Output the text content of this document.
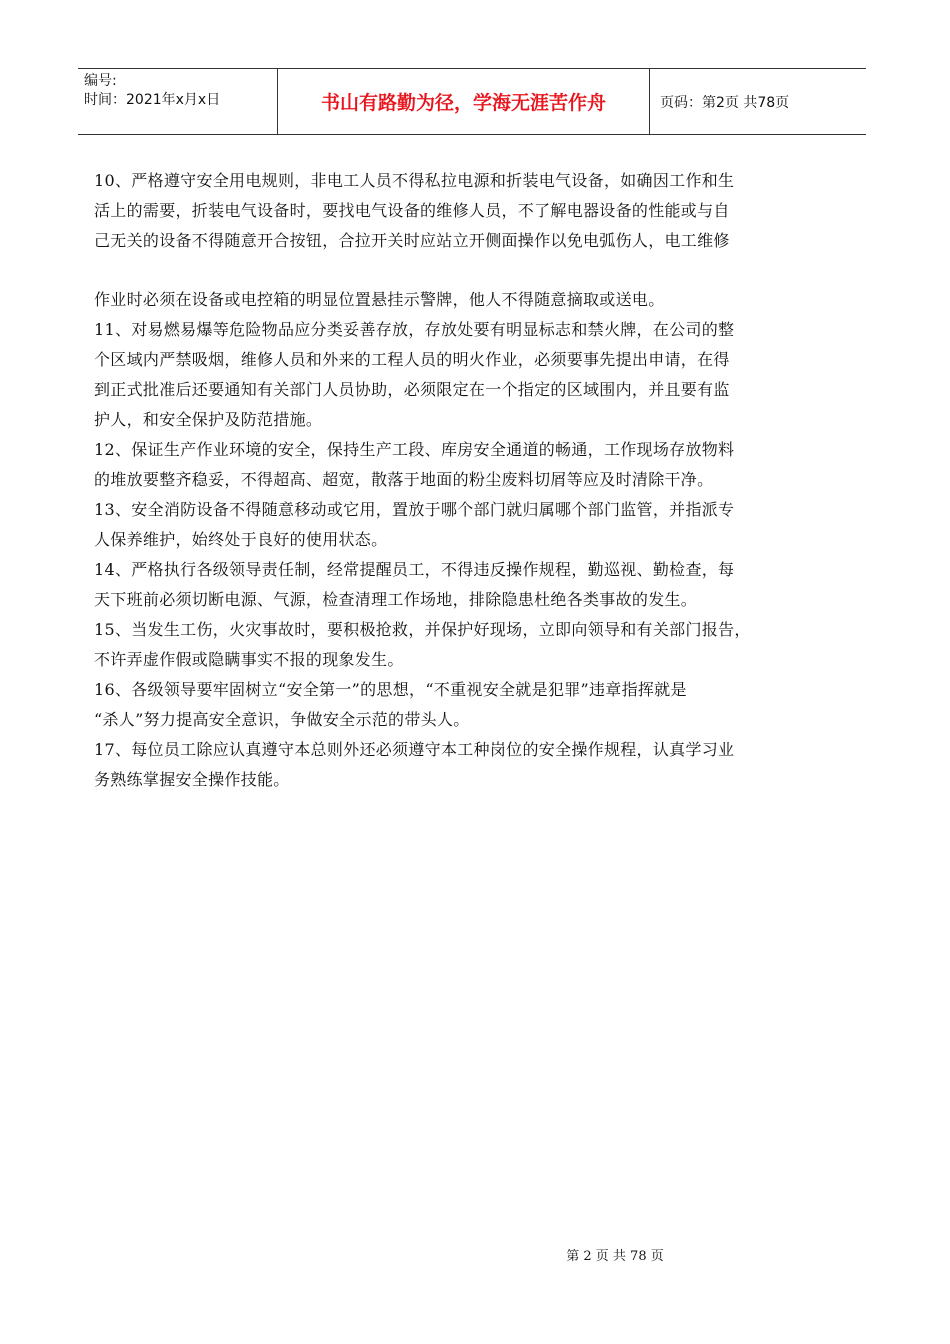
编号:
时间：2021年x月x日	书山有路勤为径，学海无涯苦作舟	页码：第2页 共78页
10、严格遵守安全用电规则，非电工人员不得私拉电源和折装电气设备，如确因工作和生
活上的需要，折装电气设备时，要找电气设备的维修人员，不了解电器设备的性能或与自
己无关的设备不得随意开合按钮，合拉开关时应站立开侧面操作以免电弧伤人，电工维修
作业时必须在设备或电控箱的明显位置悬挂示警牌，他人不得随意摘取或送电。
11、对易燃易爆等危险物品应分类妥善存放，存放处要有明显标志和禁火牌，在公司的整
个区域内严禁吸烟，维修人员和外来的工程人员的明火作业，必须要事先提出申请，在得
到正式批准后还要通知有关部门人员协助，必须限定在一个指定的区域围内，并且要有监
护人，和安全保护及防范措施。
12、保证生产作业环境的安全，保持生产工段、库房安全通道的畅通，工作现场存放物料
的堆放要整齐稳妥，不得超高、超宽，散落于地面的粉尘废料切屑等应及时清除干净。
13、安全消防设备不得随意移动或它用，置放于哪个部门就归属哪个部门监管，并指派专
人保养维护，始终处于良好的使用状态。
14、严格执行各级领导责任制，经常提醒员工，不得违反操作规程，勤巡视、勤检查，每
天下班前必须切断电源、气源，检查清理工作场地，排除隐患杜绝各类事故的发生。
15、当发生工伤，火灾事故时，要积极抢救，并保护好现场，立即向领导和有关部门报告，
不许弄虚作假或隐瞒事实不报的现象发生。
16、各级领导要牢固树立“安全第一”的思想，“不重视安全就是犯罪”违章指挥就是
“杀人”努力提高安全意识，争做安全示范的带头人。
17、每位员工除应认真遵守本总则外还必须遵守本工种岗位的安全操作规程，认真学习业
务熟练掌握安全操作技能。
第 2 页 共 78 页
